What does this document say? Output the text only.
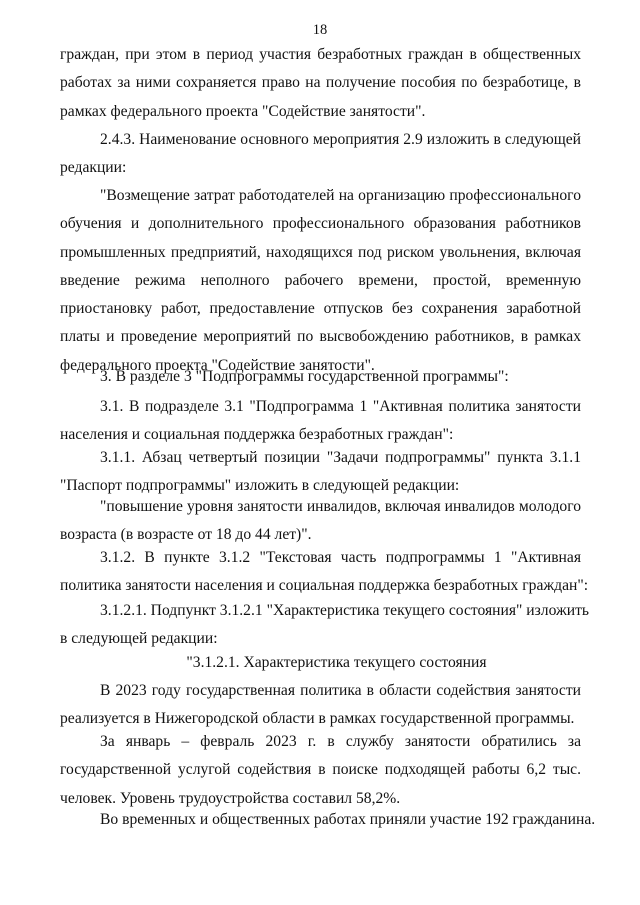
18
граждан, при этом в период участия безработных граждан в общественных
работах за ними сохраняется право на получение пособия по безработице, в
рамках федерального проекта "Содействие занятости".
2.4.3. Наименование основного мероприятия 2.9 изложить в следующей
редакции:
"Возмещение затрат работодателей на организацию профессионального
обучения и дополнительного профессионального образования работников
промышленных предприятий, находящихся под риском увольнения, включая
введение режима неполного рабочего времени, простой, временную
приостановку работ, предоставление отпусков без сохранения заработной
платы и проведение мероприятий по высвобождению работников, в рамках
федерального проекта "Содействие занятости".
3. В разделе 3 "Подпрограммы государственной программы":
3.1. В подразделе 3.1 "Подпрограмма 1 "Активная политика занятости
населения и социальная поддержка безработных граждан":
3.1.1. Абзац четвертый позиции "Задачи подпрограммы" пункта 3.1.1
"Паспорт подпрограммы" изложить в следующей редакции:
"повышение уровня занятости инвалидов, включая инвалидов молодого
возраста (в возрасте от 18 до 44 лет)".
3.1.2. В пункте 3.1.2 "Текстовая часть подпрограммы 1 "Активная
политика занятости населения и социальная поддержка безработных граждан":
3.1.2.1. Подпункт 3.1.2.1 "Характеристика текущего состояния" изложить
в следующей редакции:
"3.1.2.1. Характеристика текущего состояния
В 2023 году государственная политика в области содействия занятости
реализуется в Нижегородской области в рамках государственной программы.
За январь – февраль 2023 г. в службу занятости обратились за
государственной услугой содействия в поиске подходящей работы 6,2 тыс.
человек. Уровень трудоустройства составил 58,2%.
Во временных и общественных работах приняли участие 192 гражданина.
